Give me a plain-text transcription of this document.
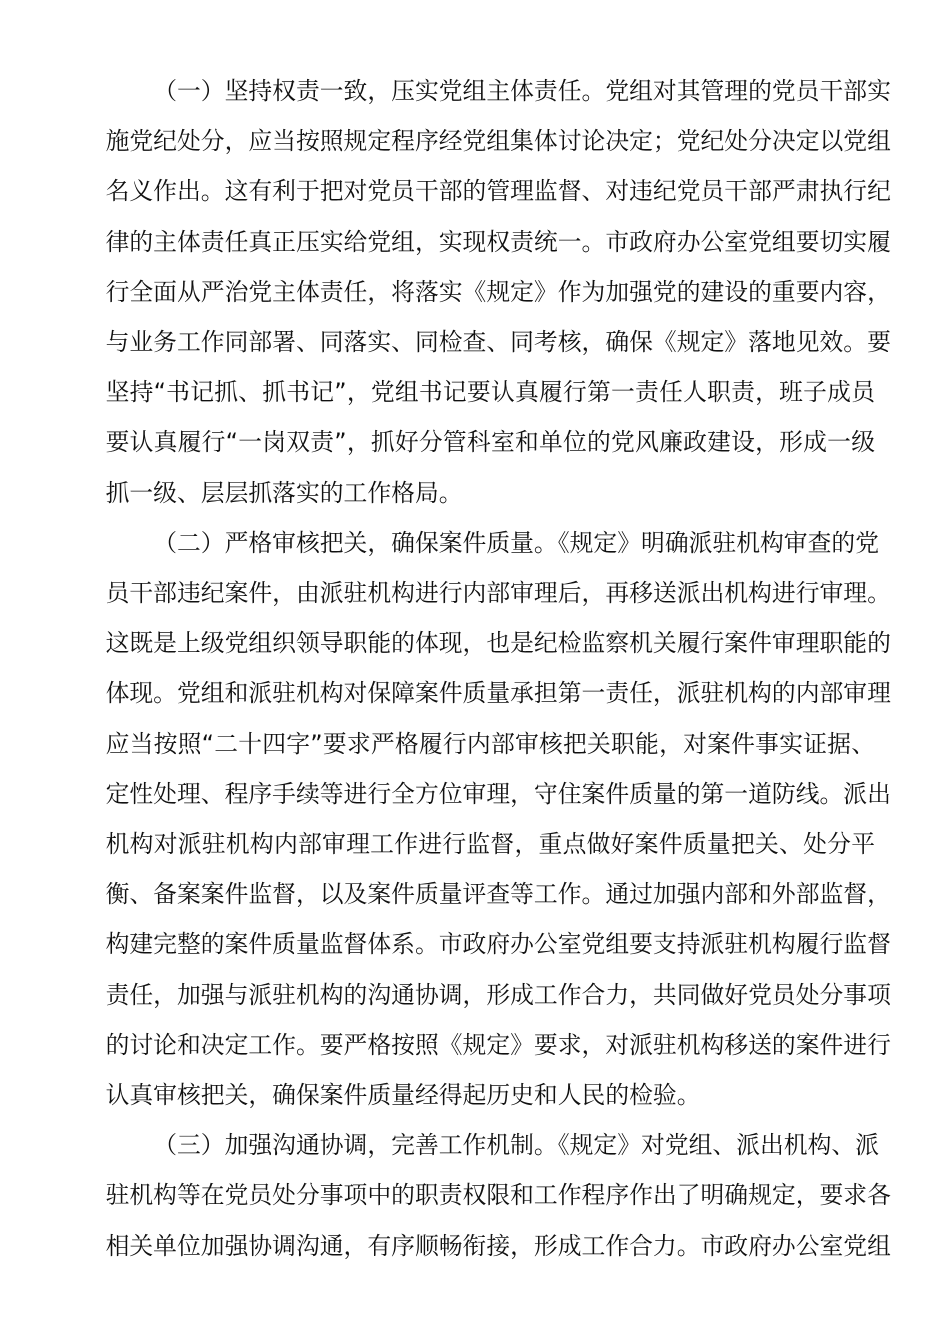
（一）坚持权责一致，压实党组主体责任。党组对其管理的党员干部实
施党纪处分，应当按照规定程序经党组集体讨论决定；党纪处分决定以党组
名义作出。这有利于把对党员干部的管理监督、对违纪党员干部严肃执行纪
律的主体责任真正压实给党组，实现权责统一。市政府办公室党组要切实履
行全面从严治党主体责任，将落实《规定》作为加强党的建设的重要内容，
与业务工作同部署、同落实、同检查、同考核，确保《规定》落地见效。要
坚持“书记抓、抓书记”，党组书记要认真履行第一责任人职责，班子成员
要认真履行“一岗双责”，抓好分管科室和单位的党风廉政建设，形成一级
抓一级、层层抓落实的工作格局。
（二）严格审核把关，确保案件质量。《规定》明确派驻机构审查的党
员干部违纪案件，由派驻机构进行内部审理后，再移送派出机构进行审理。
这既是上级党组织领导职能的体现，也是纪检监察机关履行案件审理职能的
体现。党组和派驻机构对保障案件质量承担第一责任，派驻机构的内部审理
应当按照“二十四字”要求严格履行内部审核把关职能，对案件事实证据、
定性处理、程序手续等进行全方位审理，守住案件质量的第一道防线。派出
机构对派驻机构内部审理工作进行监督，重点做好案件质量把关、处分平
衡、备案案件监督，以及案件质量评查等工作。通过加强内部和外部监督，
构建完整的案件质量监督体系。市政府办公室党组要支持派驻机构履行监督
责任，加强与派驻机构的沟通协调，形成工作合力，共同做好党员处分事项
的讨论和决定工作。要严格按照《规定》要求，对派驻机构移送的案件进行
认真审核把关，确保案件质量经得起历史和人民的检验。
（三）加强沟通协调，完善工作机制。《规定》对党组、派出机构、派
驻机构等在党员处分事项中的职责权限和工作程序作出了明确规定，要求各
相关单位加强协调沟通，有序顺畅衔接，形成工作合力。市政府办公室党组
